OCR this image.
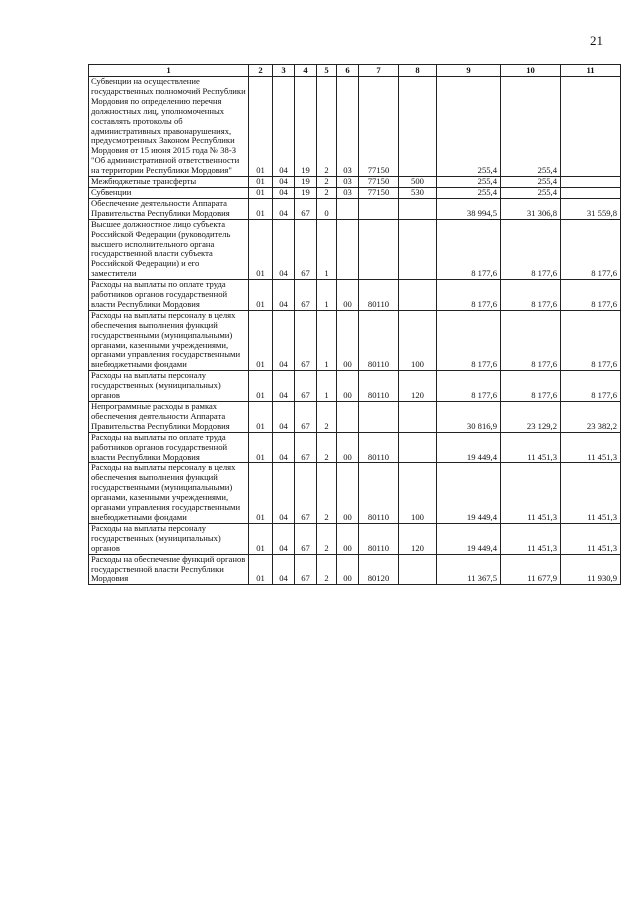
21
1	2	3	4	5	6	7	8	9	10	11
Субвенции на осуществление государственных полномочий Республики Мордовия по определению перечня должностных лиц, уполномоченных составлять протоколы об административных правонарушениях, предусмотренных Законом Республики Мордовия от 15 июня 2015 года № 38-З "Об административной ответственности на территории Республики Мордовия"	01	04	19	2	03	77150		255,4	255,4	
Межбюджетные трансферты	01	04	19	2	03	77150	500	255,4	255,4	
Субвенции	01	04	19	2	03	77150	530	255,4	255,4	
Обеспечение деятельности Аппарата Правительства Республики Мордовия	01	04	67	0				38 994,5	31 306,8	31 559,8
Высшее должностное лицо субъекта Российской Федерации (руководитель высшего исполнительного органа государственной власти субъекта Российской Федерации) и его заместители	01	04	67	1				8 177,6	8 177,6	8 177,6
Расходы на выплаты по оплате труда работников органов государственной власти Республики Мордовия	01	04	67	1	00	80110		8 177,6	8 177,6	8 177,6
Расходы на выплаты персоналу в целях обеспечения выполнения функций государственными (муниципальными) органами, казенными учреждениями, органами управления государственными внебюджетными фондами	01	04	67	1	00	80110	100	8 177,6	8 177,6	8 177,6
Расходы на выплаты персоналу государственных (муниципальных) органов	01	04	67	1	00	80110	120	8 177,6	8 177,6	8 177,6
Непрограммные расходы в рамках обеспечения деятельности Аппарата Правительства Республики Мордовия	01	04	67	2				30 816,9	23 129,2	23 382,2
Расходы на выплаты по оплате труда работников органов государственной власти Республики Мордовия	01	04	67	2	00	80110		19 449,4	11 451,3	11 451,3
Расходы на выплаты персоналу в целях обеспечения выполнения функций государственными (муниципальными) органами, казенными учреждениями, органами управления государственными внебюджетными фондами	01	04	67	2	00	80110	100	19 449,4	11 451,3	11 451,3
Расходы на выплаты персоналу государственных (муниципальных) органов	01	04	67	2	00	80110	120	19 449,4	11 451,3	11 451,3
Расходы на обеспечение функций органов государственной власти Республики Мордовия	01	04	67	2	00	80120		11 367,5	11 677,9	11 930,9
